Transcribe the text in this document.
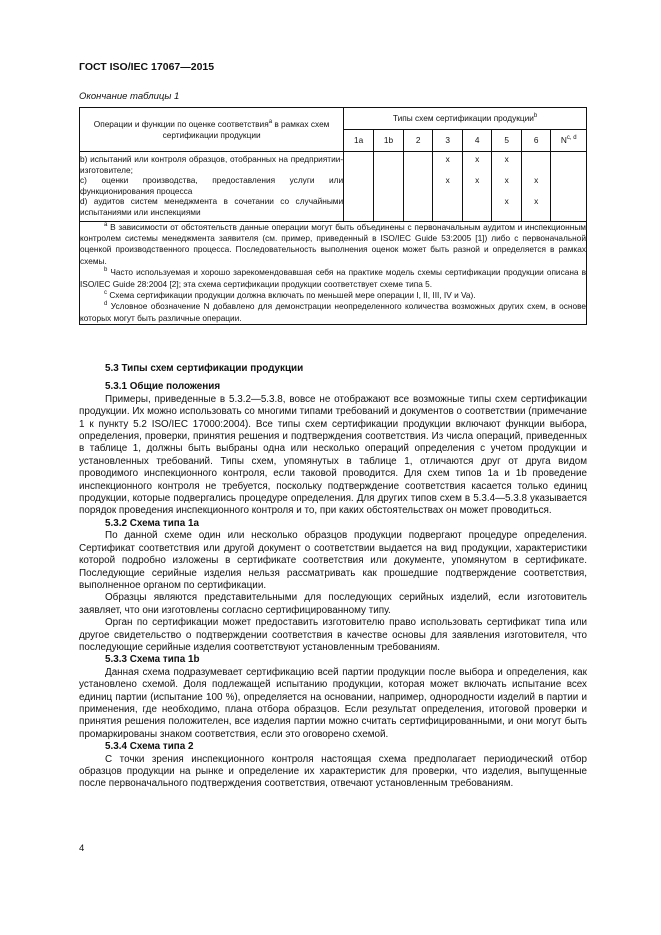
ГОСТ ISO/IEC 17067—2015
Окончание таблицы 1
Операции и функции по оценке соответствия$^a$ в рамках схем сертификации продукции	Типы схем сертификации продукции$^b$
	1a	1b	2	3	4	5	6	N$^{c, d}$
b) испытаний или контроля образцов, отобранных на предприятии-изготовителе;				x	x	x		
c) оценки производства, предоставления услуги или функционирования процесса				x	x	x	x	
d) аудитов систем менеджмента в сочетании со случайными испытаниями или инспекциями						x	x	

$^a$ В зависимости от обстоятельств данные операции могут быть объединены с первоначальным аудитом и инспекционным контролем системы менеджмента заявителя (см. пример, приведенный в ISO/IEC Guide 53:2005 [1]) либо с первоначальной оценкой производственного процесса. Последовательность выполнения оценок может быть разной и определяется в рамках схемы.

$^b$ Часто используемая и хорошо зарекомендовавшая себя на практике модель схемы сертификации продукции описана в ISO/IEC Guide 28:2004 [2]; эта схема сертификации продукции соответствует схеме типа 5.

$^c$ Схема сертификации продукции должна включать по меньшей мере операции I, II, III, IV и Va).

$^d$ Условное обозначение N добавлено для демонстрации неопределенного количества возможных других схем, в основе которых могут быть различные операции.								

5.3 Типы схем сертификации продукции
5.3.1 Общие положения

Примеры, приведенные в 5.3.2—5.3.8, вовсе не отображают все возможные типы схем сертификации продукции. Их можно использовать со многими типами требований и документов о соответствии (примечание 1 к пункту 5.2 ISO/IEC 17000:2004). Все типы схем сертификации продукции включают функции выбора, определения, проверки, принятия решения и подтверждения соответствия. Из числа операций, приведенных в таблице 1, должны быть выбраны одна или несколько операций определения с учетом продукции и установленных требований. Типы схем, упомянутых в таблице 1, отличаются друг от друга видом проводимого инспекционного контроля, если таковой проводится. Для схем типов 1а и 1b проведение инспекционного контроля не требуется, поскольку подтверждение соответствия касается только единиц продукции, которые подвергались процедуре определения. Для других типов схем в 5.3.4—5.3.8 указывается порядок проведения инспекционного контроля и то, при каких обстоятельствах он может проводиться.

5.3.2 Схема типа 1a

По данной схеме один или несколько образцов продукции подвергают процедуре определения. Сертификат соответствия или другой документ о соответствии выдается на вид продукции, характеристики которой подробно изложены в сертификате соответствия или документе, упомянутом в сертификате. Последующие серийные изделия нельзя рассматривать как прошедшие подтверждение соответствия, выполненное органом по сертификации.

Образцы являются представительными для последующих серийных изделий, если изготовитель заявляет, что они изготовлены согласно сертифицированному типу.

Орган по сертификации может предоставить изготовителю право использовать сертификат типа или другое свидетельство о подтверждении соответствия в качестве основы для заявления изготовителя, что последующие серийные изделия соответствуют установленным требованиям.

5.3.3 Схема типа 1b

Данная схема подразумевает сертификацию всей партии продукции после выбора и определения, как установлено схемой. Доля подлежащей испытанию продукции, которая может включать испытание всех единиц партии (испытание 100 %), определяется на основании, например, однородности изделий в партии и применения, где необходимо, плана отбора образцов. Если результат определения, итоговой проверки и принятия решения положителен, все изделия партии можно считать сертифицированными, и они могут быть промаркированы знаком соответствия, если это оговорено схемой.

5.3.4 Схема типа 2

С точки зрения инспекционного контроля настоящая схема предполагает периодический отбор образцов продукции на рынке и определение их характеристик для проверки, что изделия, выпущенные после первоначального подтверждения соответствия, отвечают установленным требованиям.

4
